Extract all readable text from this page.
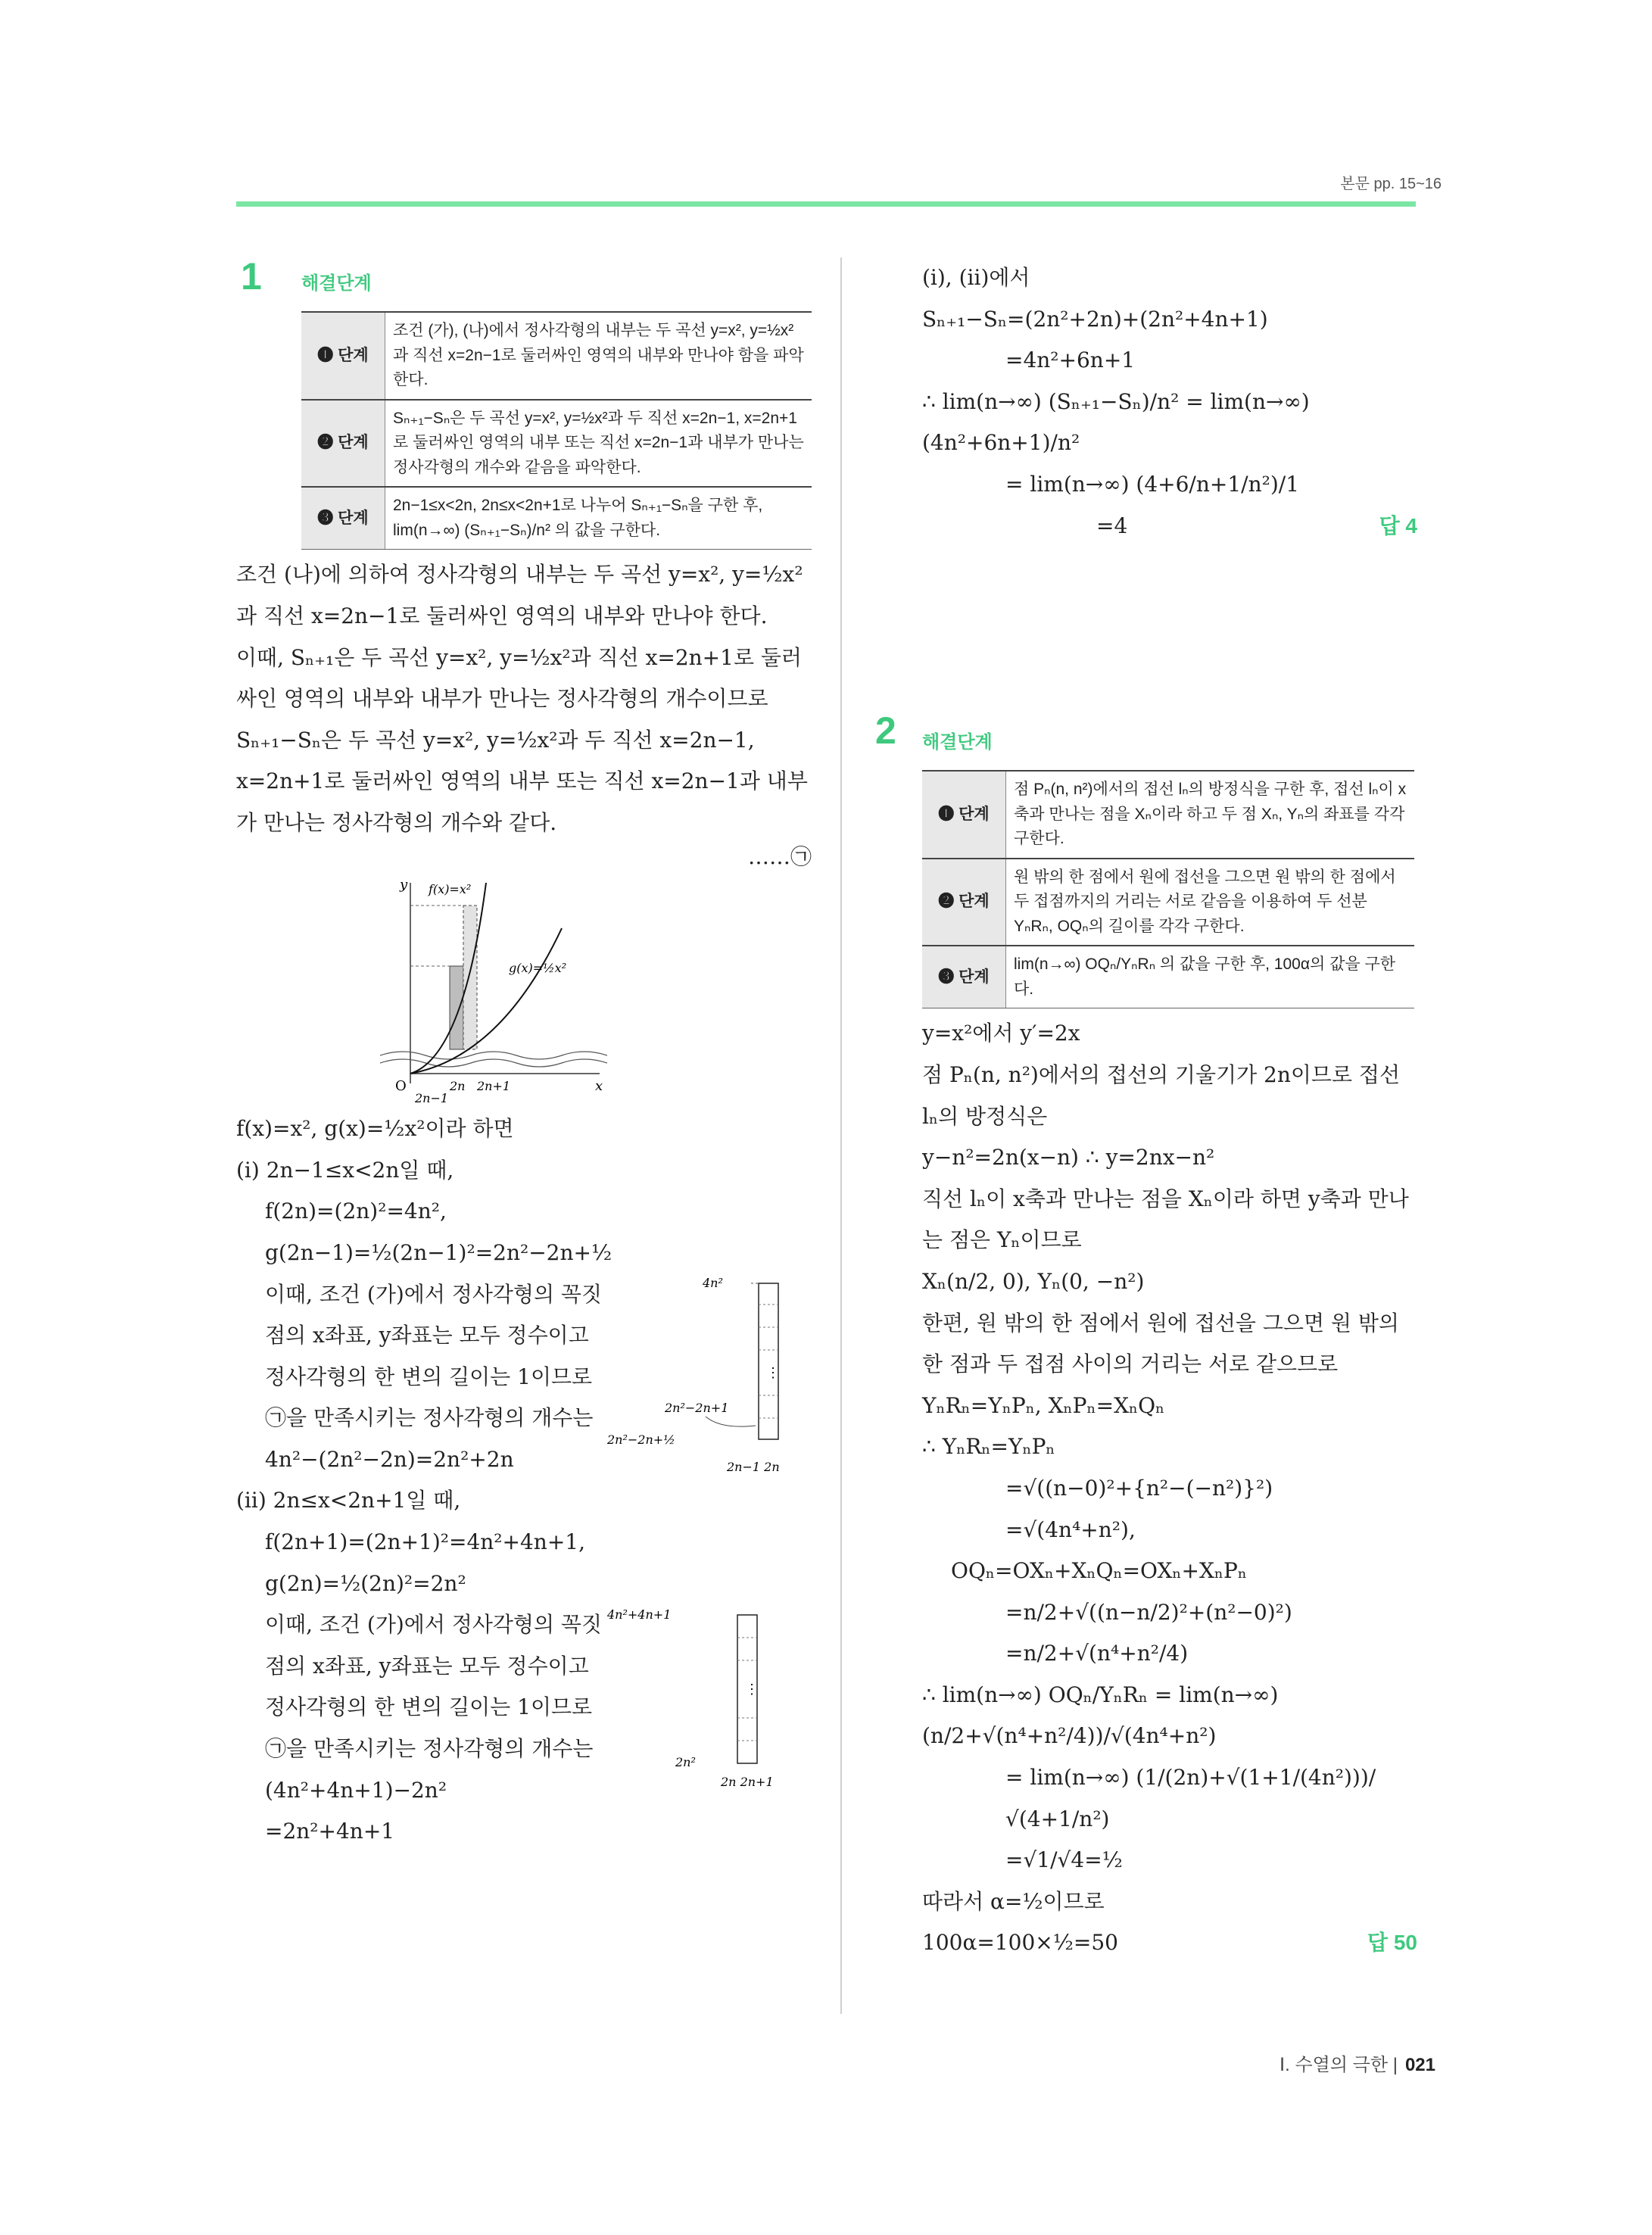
본문 pp. 15~16
1 해결단계
❶ 단계	조건 (가), (나)에서 정사각형의 내부는 두 곡선 y=x², y=½x²과 직선 x=2n−1로 둘러싸인 영역의 내부와 만나야 함을 파악한다.
❷ 단계	Sₙ₊₁−Sₙ은 두 곡선 y=x², y=½x²과 두 직선 x=2n−1, x=2n+1로 둘러싸인 영역의 내부 또는 직선 x=2n−1과 내부가 만나는 정사각형의 개수와 같음을 파악한다.
❸ 단계	2n−1≤x<2n, 2n≤x<2n+1로 나누어 Sₙ₊₁−Sₙ을 구한 후, lim(n→∞) (Sₙ₊₁−Sₙ)/n² 의 값을 구한다.

조건 (나)에 의하여 정사각형의 내부는 두 곡선 y=x², y=½x²과 직선 x=2n−1로 둘러싸인 영역의 내부와 만나야 한다.

이때, Sₙ₊₁은 두 곡선 y=x², y=½x²과 직선 x=2n+1로 둘러싸인 영역의 내부와 내부가 만나는 정사각형의 개수이므로 Sₙ₊₁−Sₙ은 두 곡선 y=x², y=½x²과 두 직선 x=2n−1, x=2n+1로 둘러싸인 영역의 내부 또는 직선 x=2n−1과 내부가 만나는 정사각형의 개수와 같다.

……㉠

y
x
O
f(x)=x²
g(x)=½x²
2n 2n+1
2n−1

f(x)=x², g(x)=½x²이라 하면

(ⅰ) 2n−1≤x<2n일 때,

f(2n)=(2n)²=4n²,

g(2n−1)=½(2n−1)²=2n²−2n+½

이때, 조건 (가)에서 정사각형의 꼭짓점의 x좌표, y좌표는 모두 정수이고 정사각형의 한 변의 길이는 1이므로 ㉠을 만족시키는 정사각형의 개수는

4n²−(2n²−2n)=2n²+2n

⋮
4n²
2n²−2n+1
2n²−2n+½
2n−1 2n

(ⅱ) 2n≤x<2n+1일 때,

f(2n+1)=(2n+1)²=4n²+4n+1,

g(2n)=½(2n)²=2n²

이때, 조건 (가)에서 정사각형의 꼭짓점의 x좌표, y좌표는 모두 정수이고 정사각형의 한 변의 길이는 1이므로 ㉠을 만족시키는 정사각형의 개수는

(4n²+4n+1)−2n²

=2n²+4n+1

⋮
4n²+4n+1
2n²
2n 2n+1

(ⅰ), (ⅱ)에서

Sₙ₊₁−Sₙ=(2n²+2n)+(2n²+4n+1)

=4n²+6n+1

∴ lim(n→∞) (Sₙ₊₁−Sₙ)/n² = lim(n→∞) (4n²+6n+1)/n²

= lim(n→∞) (4+6/n+1/n²)/1

=4	답 4
2 해결단계
❶ 단계	점 Pₙ(n, n²)에서의 접선 lₙ의 방정식을 구한 후, 접선 lₙ이 x축과 만나는 점을 Xₙ이라 하고 두 점 Xₙ, Yₙ의 좌표를 각각 구한다.
❷ 단계	원 밖의 한 점에서 원에 접선을 그으면 원 밖의 한 점에서 두 접점까지의 거리는 서로 같음을 이용하여 두 선분 YₙRₙ, OQₙ의 길이를 각각 구한다.
❸ 단계	lim(n→∞) OQₙ/YₙRₙ 의 값을 구한 후, 100α의 값을 구한다.

y=x²에서 y′=2x

점 Pₙ(n, n²)에서의 접선의 기울기가 2n이므로 접선 lₙ의 방정식은

y−n²=2n(x−n) ∴ y=2nx−n²

직선 lₙ이 x축과 만나는 점을 Xₙ이라 하면 y축과 만나는 점은 Yₙ이므로

Xₙ(n/2, 0), Yₙ(0, −n²)

한편, 원 밖의 한 점에서 원에 접선을 그으면 원 밖의 한 점과 두 접점 사이의 거리는 서로 같으므로

YₙRₙ=YₙPₙ, XₙPₙ=XₙQₙ

∴ YₙRₙ=YₙPₙ

=√((n−0)²+{n²−(−n²)}²)

=√(4n⁴+n²),

OQₙ=OXₙ+XₙQₙ=OXₙ+XₙPₙ

=n/2+√((n−n/2)²+(n²−0)²)

=n/2+√(n⁴+n²/4)

∴ lim(n→∞) OQₙ/YₙRₙ = lim(n→∞) (n/2+√(n⁴+n²/4))/√(4n⁴+n²)

= lim(n→∞) (1/(2n)+√(1+1/(4n²)))/√(4+1/n²)

=√1/√4=½

따라서 α=½이므로

100α=100×½=50	답 50
Ⅰ. 수열의 극한 | 021
